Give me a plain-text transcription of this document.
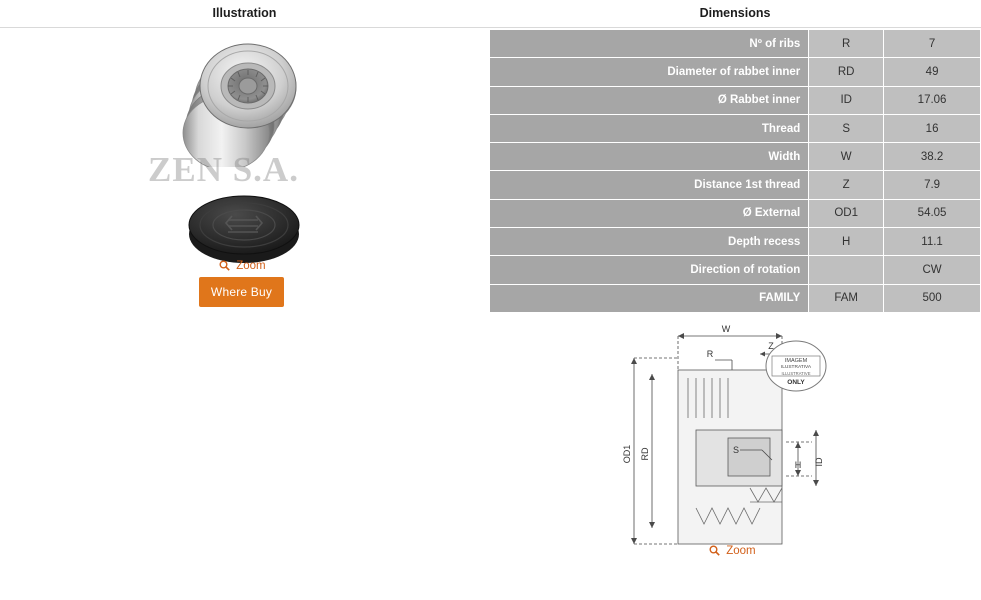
Illustration	Dimensions
ZEN S.A.
Zoom
Where Buy
Nº of ribs	R	7
Diameter of rabbet inner	RD	49
Ø Rabbet inner	ID	17.06
Thread	S	16
Width	W	38.2
Distance 1st thread	Z	7.9
Ø External	OD1	54.05
Depth recess	H	11.1
Direction of rotation		CW
FAMILY	FAM	500
IMAGEM
ILUSTRATIVA
ILLUSTRATIVE
ONLY
W
Z
R
OD1 RD	S
H ID
Zoom
